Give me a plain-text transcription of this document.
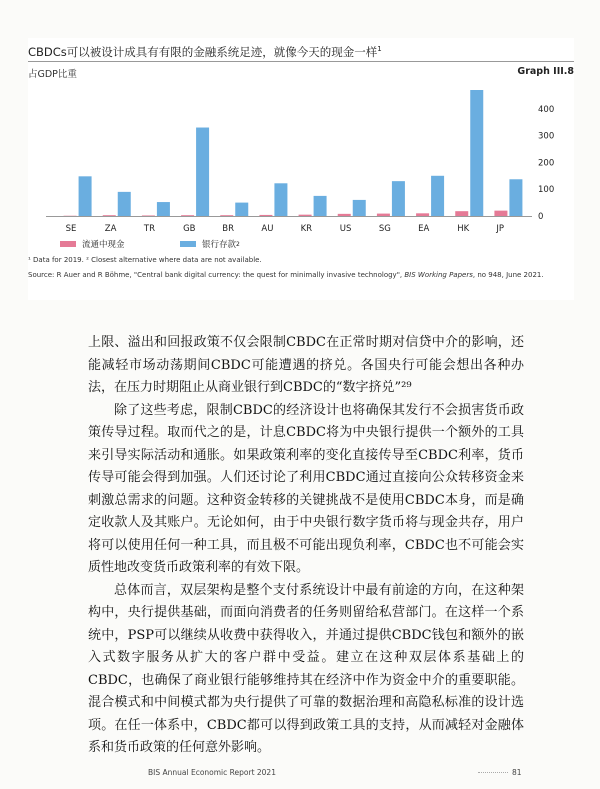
CBDCs可以被设计成具有有限的金融系统足迹，就像今天的现金一样$^1$
占GDP比重	Graph III.8
0
100
200
300
400
SE	ZA	TR	GB	BR	AU	KR	US	SG	EA	HK	JP
流通中现金	银行存款 2
¹ Data for 2019. ² Closest alternative where data are not available.
Source: R Auer and R Böhme, "Central bank digital currency: the quest for minimally invasive technology", BIS Working Papers, no 948, June 2021.

上限、溢出和回报政策不仅会限制CBDC在正常时期对信贷中介的影响，还能减轻市场动荡期间CBDC可能遭遇的挤兑。各国央行可能会想出各种办法，在压力时期阻止从商业银行到CBDC的“数字挤兑”²⁹

除了这些考虑，限制CBDC的经济设计也将确保其发行不会损害货币政策传导过程。取而代之的是，计息CBDC将为中央银行提供一个额外的工具来引导实际活动和通胀。如果政策利率的变化直接传导至CBDC利率，货币传导可能会得到加强。人们还讨论了利用CBDC通过直接向公众转移资金来刺激总需求的问题。这种资金转移的关键挑战不是使用CBDC本身，而是确定收款人及其账户。无论如何，由于中央银行数字货币将与现金共存，用户将可以使用任何一种工具，而且极不可能出现负利率，CBDC也不可能会实质性地改变货币政策利率的有效下限。

总体而言，双层架构是整个支付系统设计中最有前途的方向，在这种架构中，央行提供基础，而面向消费者的任务则留给私营部门。在这样一个系统中，PSP可以继续从收费中获得收入，并通过提供CBDC钱包和额外的嵌入式数字服务从扩大的客户群中受益。建立在这种双层体系基础上的CBDC，也确保了商业银行能够维持其在经济中作为资金中介的重要职能。混合模式和中间模式都为央行提供了可靠的数据治理和高隐私标准的设计选项。在任一体系中，CBDC都可以得到政策工具的支持，从而减轻对金融体系和货币政策的任何意外影响。

BIS Annual Economic Report 2021	81
